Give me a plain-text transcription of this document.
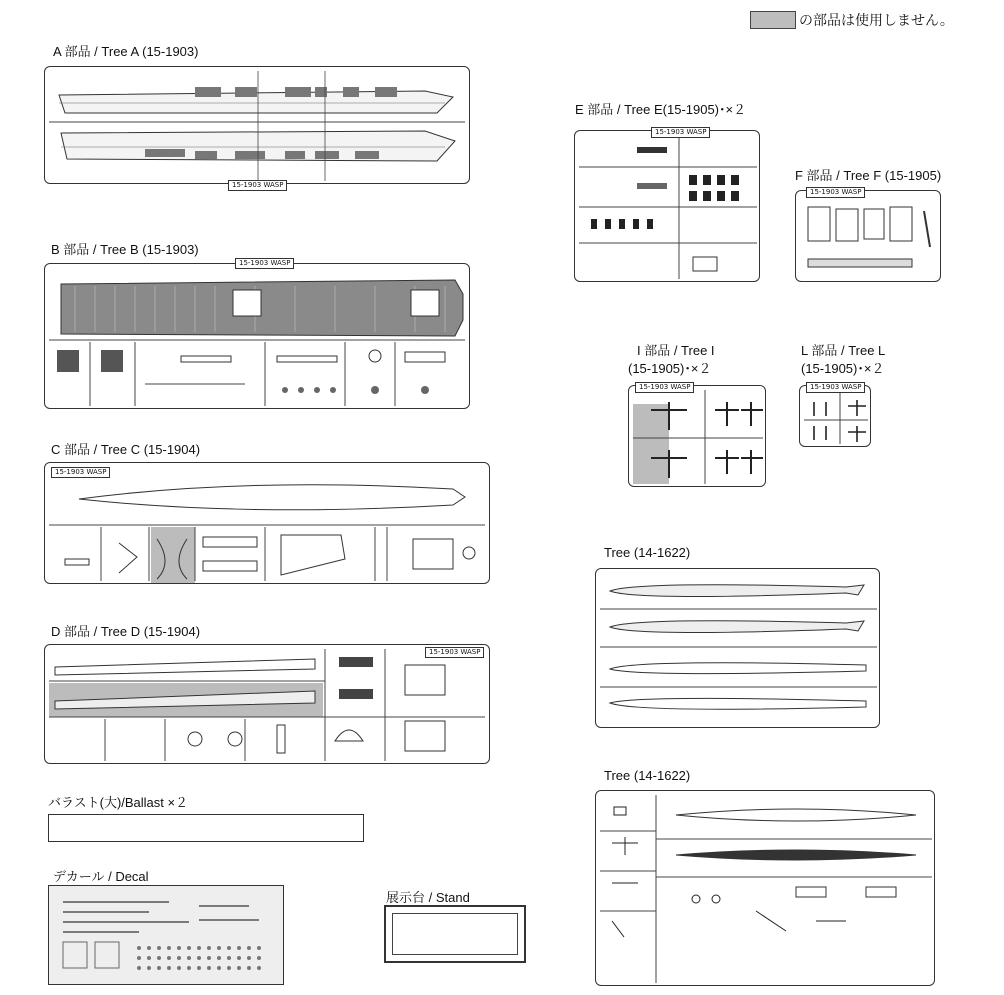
の部品は使用しません。
A 部品 / Tree A (15-1903)
15-1903 WASP
B 部品 / Tree B (15-1903)
15-1903 WASP
C 部品 / Tree C (15-1904)
15-1903 WASP
D 部品 / Tree D (15-1904)
15-1903 WASP
バラスト(大)/Ballast ×２
デカール / Decal
展示台 / Stand
E 部品 / Tree E(15-1905)･×２
15-1903 WASP
F 部品 / Tree F (15-1905)
15-1903 WASP
I 部品 / Tree I
(15-1905)･×２
15-1903 WASP
L 部品 / Tree L
(15-1905)･×２
15-1903 WASP
Tree (14-1622)
Tree (14-1622)
